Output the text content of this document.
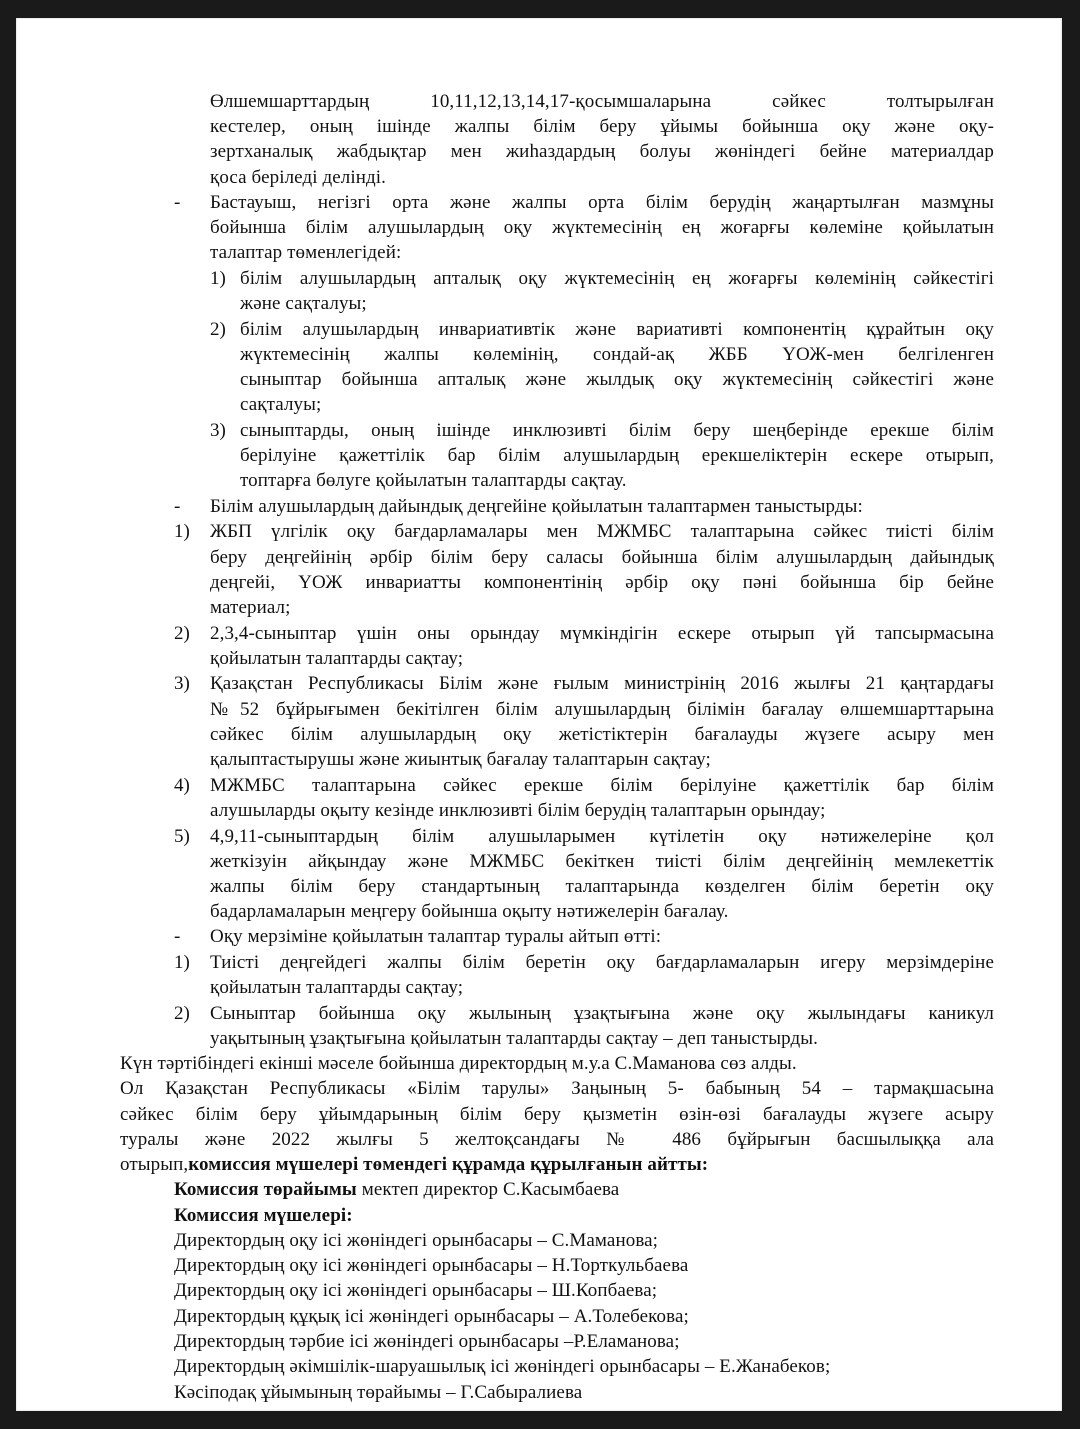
Өлшемшарттардың 10,11,12,13,14,17-қосымшаларына сәйкес толтырылған
кестелер, оның ішінде жалпы білім беру ұйымы бойынша оқу және оқу-
зертханалық жабдықтар мен жиһаздардың болуы жөніндегі бейне материалдар
қоса беріледі делінді.
- Бастауыш, негізгі орта және жалпы орта білім берудің жаңартылған мазмұны
бойынша білім алушылардың оқу жүктемесінің ең жоғарғы көлеміне қойылатын
талаптар төменлегідей:
1) білім алушылардың апталық оқу жүктемесінің ең жоғарғы көлемінің сәйкестігі
және сақталуы;
2) білім алушылардың инвариативтік және вариативті компонентің құрайтын оқу
жүктемесінің жалпы көлемінің, сондай-ақ ЖББ ҮОЖ-мен белгіленген
сыныптар бойынша апталық және жылдық оқу жүктемесінің сәйкестігі және
сақталуы;
3) сыныптарды, оның ішінде инклюзивті білім беру шеңберінде ерекше білім
берілуіне қажеттілік бар білім алушылардың ерекшеліктерін ескере отырып,
топтарға бөлуге қойылатын талаптарды сақтау.
- Білім алушылардың дайындық деңгейіне қойылатын талаптармен таныстырды:
1) ЖБП үлгілік оқу бағдарламалары мен МЖМБС талаптарына сәйкес тиісті білім
беру деңгейінің әрбір білім беру саласы бойынша білім алушылардың дайындық
деңгейі, ҮОЖ инвариатты компонентінің әрбір оқу пәні бойынша бір бейне
материал;
2) 2,3,4-сыныптар үшін оны орындау мүмкіндігін ескере отырып үй тапсырмасына
қойылатын талаптарды сақтау;
3) Қазақстан Республикасы Білім және ғылым министрінің 2016 жылғы 21 қаңтардағы
№52 бұйрығымен бекітілген білім алушылардың білімін бағалау өлшемшарттарына
сәйкес білім алушылардың оқу жетістіктерін бағалауды жүзеге асыру мен
қалыптастырушы және жиынтық бағалау талаптарын сақтау;
4) МЖМБС талаптарына сәйкес ерекше білім берілуіне қажеттілік бар білім
алушыларды оқыту кезінде инклюзивті білім берудің талаптарын орындау;
5) 4,9,11-сыныптардың білім алушыларымен күтілетін оқу нәтижелеріне қол
жеткізуін айқындау және МЖМБС бекіткен тиісті білім деңгейінің мемлекеттік
жалпы білім беру стандартының талаптарында көзделген білім беретін оқу
бадарламаларын меңгеру бойынша оқыту нәтижелерін бағалау.
- Оқу мерзіміне қойылатын талаптар туралы айтып өтті:
1) Тиісті деңгейдегі жалпы білім беретін оқу бағдарламаларын игеру мерзімдеріне
қойылатын талаптарды сақтау;
2) Сыныптар бойынша оқу жылының ұзақтығына және оқу жылындағы каникул
уақытының ұзақтығына қойылатын талаптарды сақтау – деп таныстырды.
Күн тәртібіндегі екінші мәселе бойынша директордың м.у.а С.Маманова сөз алды.
Ол Қазақстан Республикасы «Білім тарулы» Заңының 5- бабының 54 – тармақшасына
сәйкес білім беру ұйымдарының білім беру қызметін өзін-өзі бағалауды жүзеге асыру
туралы және 2022 жылғы 5 желтоқсандағы № 486 бұйрығын басшылыққа ала
отырып,комиссия мүшелері төмендегі құрамда құрылғанын айтты:
Комиссия төрайымы мектеп директор С.Касымбаева
Комиссия мүшелері:
Директордың оқу ісі жөніндегі орынбасары – С.Маманова;
Директордың оқу ісі жөніндегі орынбасары – Н.Торткульбаева
Директордың оқу ісі жөніндегі орынбасары – Ш.Копбаева;
Директордың құқық ісі жөніндегі орынбасары – А.Толебекова;
Директордың тәрбие ісі жөніндегі орынбасары –Р.Еламанова;
Директордың әкімшілік-шаруашылық ісі жөніндегі орынбасары – Е.Жанабеков;
Кәсіподақ ұйымының төрайымы – Г.Сабыралиева
